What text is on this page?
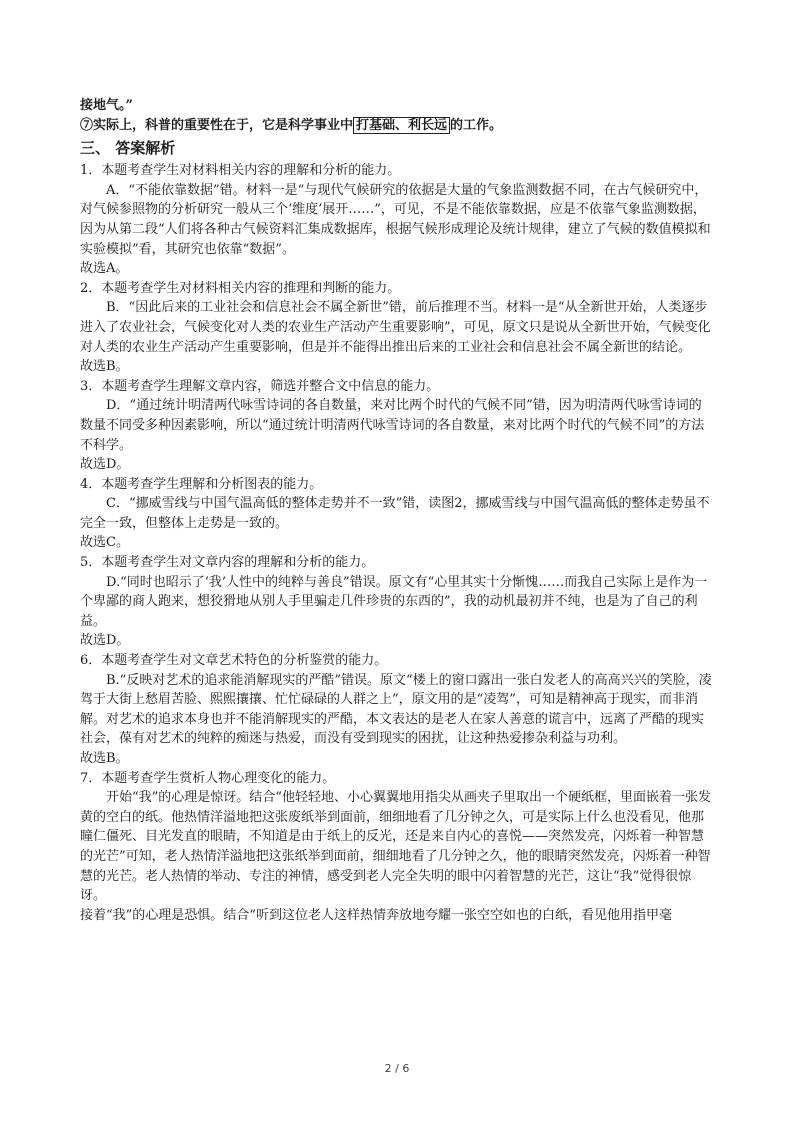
接地气。”

⑦实际上，科普的重要性在于，它是科学事业中 打基础、利长远 的工作。

三、 答案解析

1．本题考查学生对材料相关内容的理解和分析的能力。

A．“不能依靠数据”错。材料一是“与现代气候研究的依据是大量的气象监测数据不同，在古气候研究中，对气候参照物的分析研究一般从三个‘维度’展开……”，可见，不是不能依靠数据，应是不依靠气象监测数据，因为从第二段“人们将各种古气候资料汇集成数据库，根据气候形成理论及统计规律，建立了气候的数值模拟和实验模拟”看，其研究也依靠“数据”。

故选A。

2．本题考查学生对材料相关内容的推理和判断的能力。

B．“因此后来的工业社会和信息社会不属全新世”错，前后推理不当。材料一是“从全新世开始，人类逐步进入了农业社会，气候变化对人类的农业生产活动产生重要影响”，可见，原文只是说从全新世开始，气候变化对人类的农业生产活动产生重要影响，但是并不能得出推出后来的工业社会和信息社会不属全新世的结论。

故选B。

3．本题考查学生理解文章内容，筛选并整合文中信息的能力。

D．“通过统计明清两代咏雪诗词的各自数量，来对比两个时代的气候不同”错，因为明清两代咏雪诗词的数量不同受多种因素影响，所以“通过统计明清两代咏雪诗词的各自数量，来对比两个时代的气候不同”的方法不科学。

故选D。

4．本题考查学生理解和分析图表的能力。

C．“挪威雪线与中国气温高低的整体走势并不一致”错，读图2，挪威雪线与中国气温高低的整体走势虽不完全一致，但整体上走势是一致的。

故选C。

5．本题考查学生对文章内容的理解和分析的能力。

D.“同时也昭示了‘我’人性中的纯粹与善良”错误。原文有“心里其实十分惭愧……而我自己实际上是作为一个卑鄙的商人跑来，想狡猾地从别人手里骗走几件珍贵的东西的”，我的动机最初并不纯，也是为了自己的利益。

故选D。

6．本题考查学生对文章艺术特色的分析鉴赏的能力。

B.“反映对艺术的追求能消解现实的严酷”错误。原文“楼上的窗口露出一张白发老人的高高兴兴的笑脸，凌驾于大街上愁眉苦脸、熙熙攘攘、忙忙碌碌的人群之上”，原文用的是“凌驾”，可知是精神高于现实，而非消解。对艺术的追求本身也并不能消解现实的严酷，本文表达的是老人在家人善意的谎言中，远离了严酷的现实社会，葆有对艺术的纯粹的痴迷与热爱，而没有受到现实的困扰，让这种热爱掺杂利益与功利。

故选B。

7．本题考查学生赏析人物心理变化的能力。

开始“我”的心理是惊讶。结合“他轻轻地、小心翼翼地用指尖从画夹子里取出一个硬纸框，里面嵌着一张发黄的空白的纸。他热情洋溢地把这张废纸举到面前，细细地看了几分钟之久，可是实际上什么也没看见，他那瞳仁僵死、目光发直的眼睛，不知道是由于纸上的反光，还是来自内心的喜悦——突然发亮，闪烁着一种智慧的光芒”可知，老人热情洋溢地把这张纸举到面前，细细地看了几分钟之久，他的眼睛突然发亮，闪烁着一种智慧的光芒。老人热情的举动、专注的神情，感受到老人完全失明的眼中闪着智慧的光芒，这让“我”觉得很惊讶。

接着“我”的心理是恐惧。结合“听到这位老人这样热情奔放地夸耀一张空空如也的白纸，看见他用指甲毫

2 / 6
